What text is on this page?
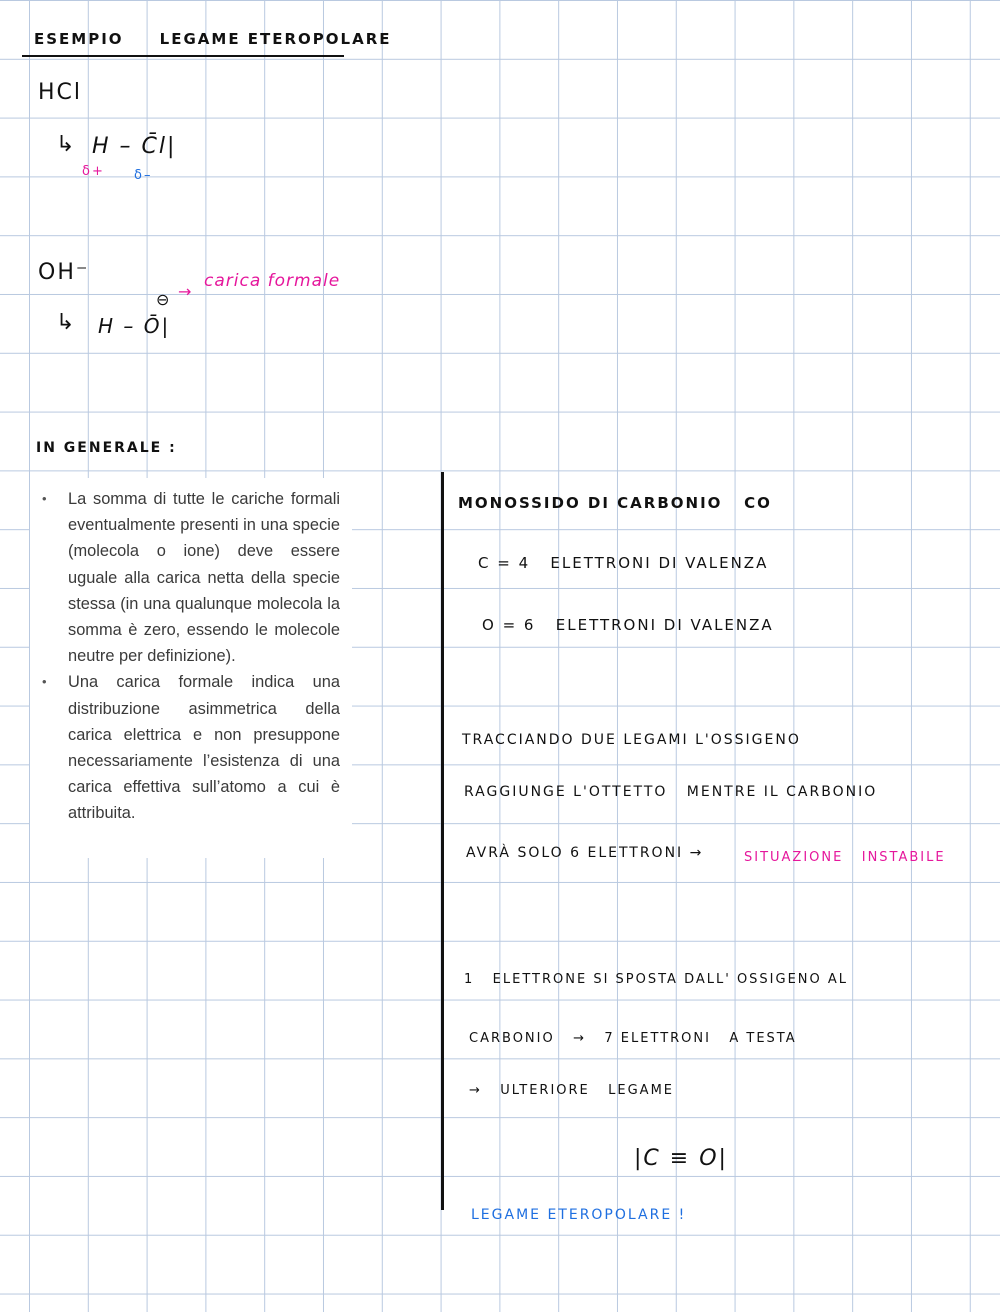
ESEMPIO     LEGAME ETEROPOLARE
HCl
↳ H – C̄l|
δ+ δ–
OH⁻
⊖ →
carica formale
↳ H – Ō|
IN GENERALE :
• La somma di tutte le cariche formali eventualmente presenti in una specie (molecola o ione) deve essere uguale alla carica netta della specie stessa (in una qualunque molecola la somma è zero, essendo le molecole neutre per definizione).
• Una carica formale indica una distribuzione asimmetrica della carica elettrica e non presuppone necessariamente l’esistenza di una carica effettiva sull’atomo a cui è attribuita.
MONOSSIDO DI CARBONIO   CO
C = 4   ELETTRONI DI VALENZA
O = 6   ELETTRONI DI VALENZA
TRACCIANDO DUE LEGAMI L'OSSIGENO
RAGGIUNGE L'OTTETTO   MENTRE IL CARBONIO
AVRÀ SOLO 6 ELETTRONI →	SITUAZIONE   INSTABILE
1   ELETTRONE SI SPOSTA DALL' OSSIGENO AL
CARBONIO   →   7 ELETTRONI   A TESTA
→   ULTERIORE   LEGAME
|C ≡ O|
LEGAME ETEROPOLARE !
